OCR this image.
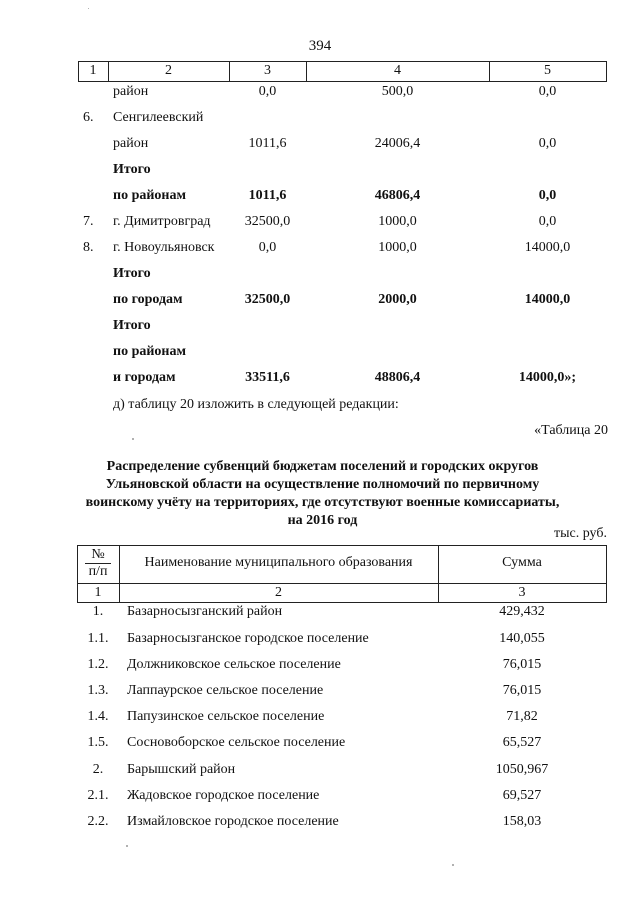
394
1	2	3	4	5
район	0,0	500,0	0,0
6. Сенгилеевский
район	1011,6	24006,4	0,0
Итого
по районам	1011,6	46806,4	0,0
7. г. Димитровград	32500,0	1000,0	0,0
8. г. Новоульяновск	0,0	1000,0	14000,0
Итого
по городам	32500,0	2000,0	14000,0
Итого
по районам
и городам	33511,6	48806,4	14000,0»;
д) таблицу 20 изложить в следующей редакции:
«Таблица 20
Распределение субвенций бюджетам поселений и городских округов
Ульяновской области на осуществление полномочий по первичному
воинскому учёту на территориях, где отсутствуют военные комиссариаты,
на 2016 год
тыс. руб.
№
п/п
Наименование муниципального образования	Сумма
1	2	3
1.	Базарносызганский район	429,432
1.1.	Базарносызганское городское поселение	140,055
1.2.	Должниковское сельское поселение	76,015
1.3.	Лаппаурское сельское поселение	76,015
1.4.	Папузинское сельское поселение	71,82
1.5.	Сосновоборское сельское поселение	65,527
2.	Барышский район	1050,967
2.1.	Жадовское городское поселение	69,527
2.2.	Измайловское городское поселение	158,03
